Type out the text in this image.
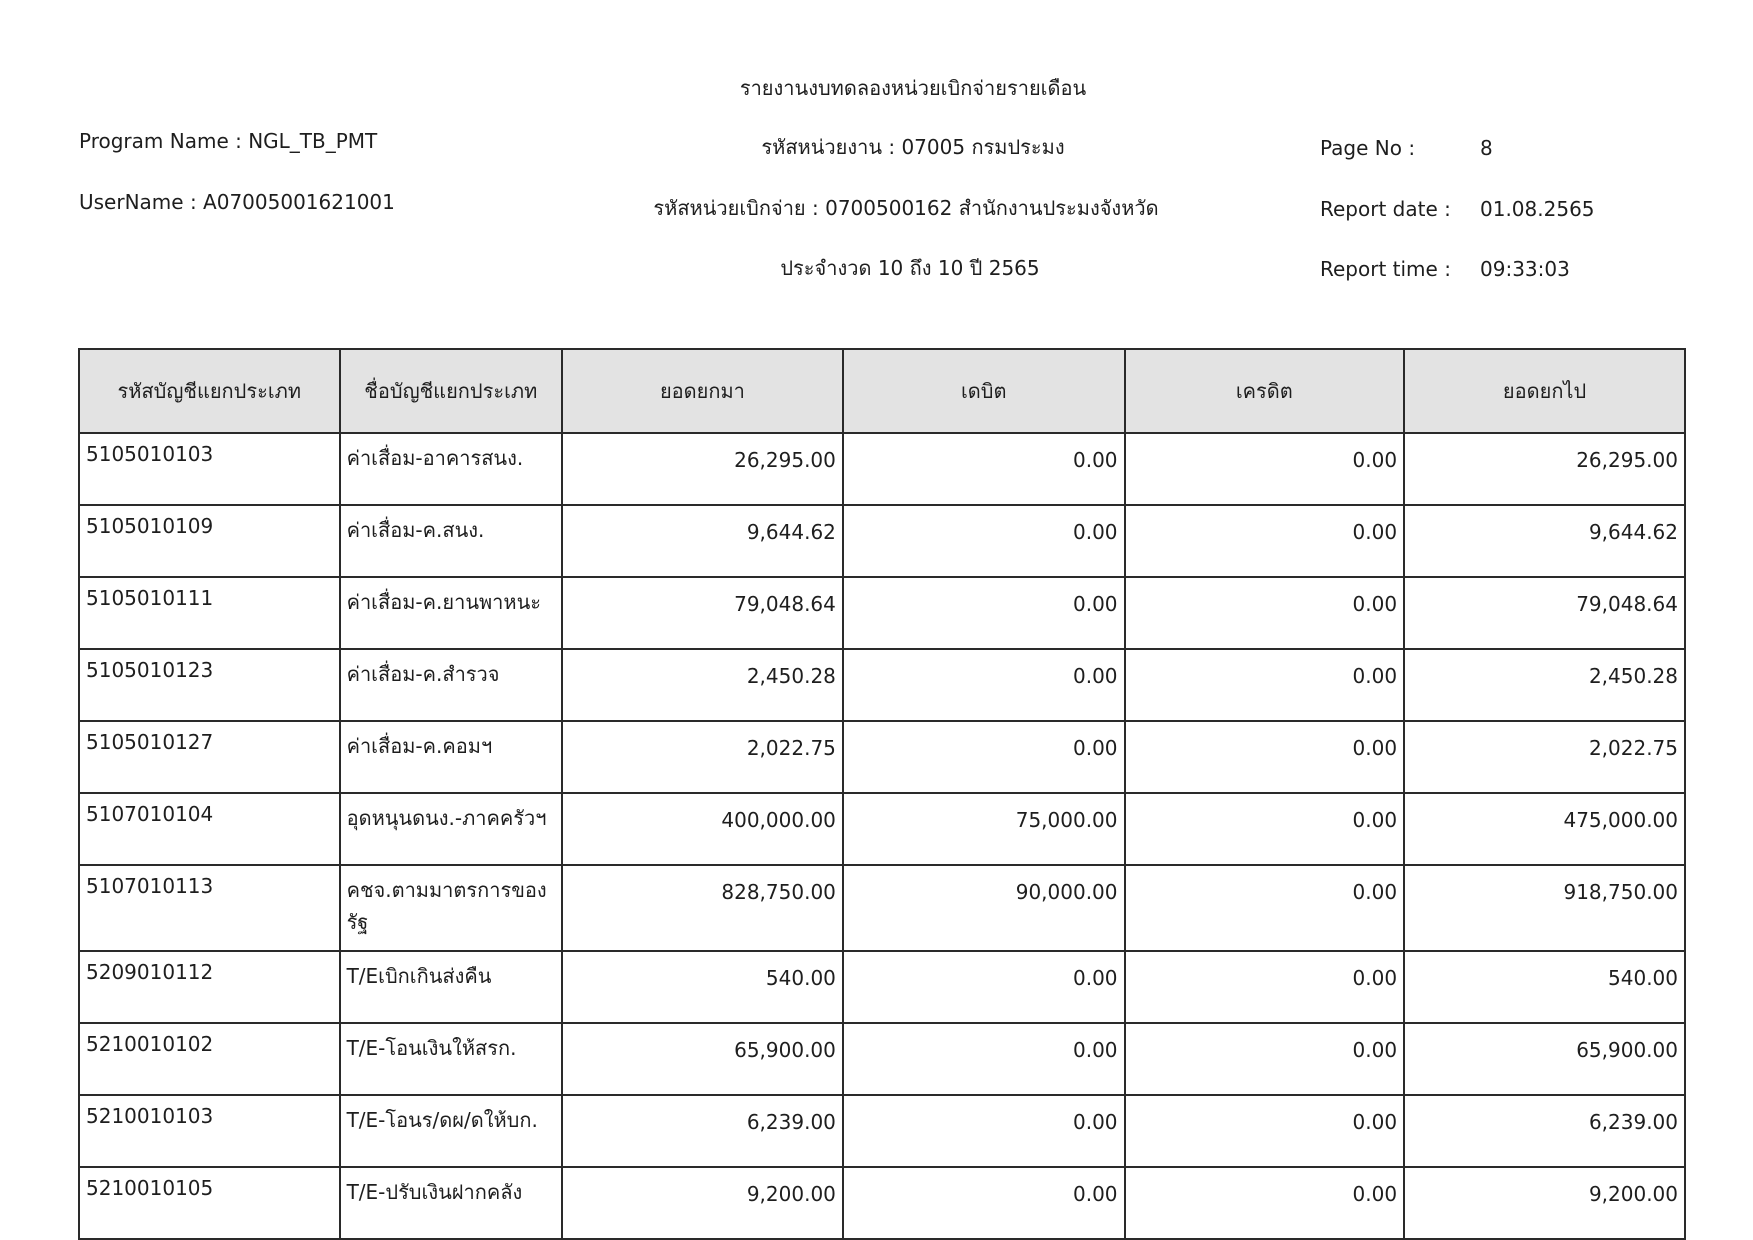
รายงานงบทดลองหน่วยเบิกจ่ายรายเดือน
Program Name : NGL_TB_PMT	รหัสหน่วยงาน : 07005 กรมประมง	Page No :	8
UserName : A07005001621001	รหัสหน่วยเบิกจ่าย : 0700500162 สำนักงานประมงจังหวัด	Report date : 01.08.2565
ประจำงวด 10 ถึง 10 ปี 2565	Report time : 09:33:03
รหัสบัญชีแยกประเภท	ชื่อบัญชีแยกประเภท	ยอดยกมา	เดบิต	เครดิต	ยอดยกไป
5105010103	ค่าเสื่อม-อาคารสนง.	26,295.00	0.00	0.00	26,295.00
5105010109	ค่าเสื่อม-ค.สนง.	9,644.62	0.00	0.00	9,644.62
5105010111	ค่าเสื่อม-ค.ยานพาหนะ	79,048.64	0.00	0.00	79,048.64
5105010123	ค่าเสื่อม-ค.สำรวจ	2,450.28	0.00	0.00	2,450.28
5105010127	ค่าเสื่อม-ค.คอมฯ	2,022.75	0.00	0.00	2,022.75
5107010104	อุดหนุนดนง.-ภาคครัวฯ	400,000.00	75,000.00	0.00	475,000.00
5107010113	คชจ.ตามมาตรการของรัฐ	828,750.00	90,000.00	0.00	918,750.00
5209010112	T/Eเบิกเกินส่งคืน	540.00	0.00	0.00	540.00
5210010102	T/E-โอนเงินให้สรก.	65,900.00	0.00	0.00	65,900.00
5210010103	T/E-โอนร/ดผ/ดให้บก.	6,239.00	0.00	0.00	6,239.00
5210010105	T/E-ปรับเงินฝากคลัง	9,200.00	0.00	0.00	9,200.00
